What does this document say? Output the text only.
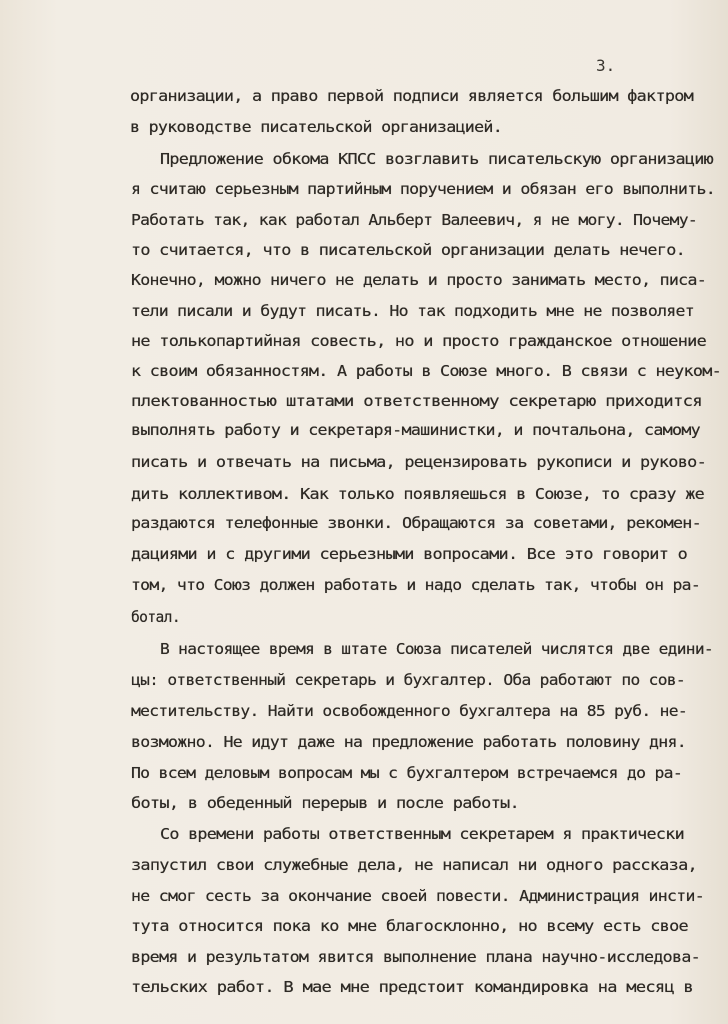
3.
организации, а право первой подписи является большим фактром
в руководстве писательской организацией.
Предложение обкома КПСС возглавить писательскую организацию
я считаю серьезным партийным поручением и обязан его выполнить.
Работать так, как работал Альберт Валеевич, я не могу. Почему-
то считается, что в писательской организации делать нечего.
Конечно, можно ничего не делать и просто занимать место, писа-
тели писали и будут писать. Но так подходить мне не позволяет
не толькопартийная совесть, но и просто гражданское отношение
к своим обязанностям. А работы в Союзе много. В связи с неуком-
плектованностью штатами ответственному секретарю приходится
выполнять работу и секретаря-машинистки, и почтальона, самому
писать и отвечать на письма, рецензировать рукописи и руково-
дить коллективом. Как только появляешься в Союзе, то сразу же
раздаются телефонные звонки. Обращаются за советами, рекомен-
дациями и с другими серьезными вопросами. Все это говорит о
том, что Союз должен работать и надо сделать так, чтобы он ра-
ботал.
В настоящее время в штате Союза писателей числятся две едини-
цы: ответственный секретарь и бухгалтер. Оба работают по сов-
местительству. Найти освобожденного бухгалтера на 85 руб. не-
возможно. Не идут даже на предложение работать половину дня.
По всем деловым вопросам мы с бухгалтером встречаемся до ра-
боты, в обеденный перерыв и после работы.
Со времени работы ответственным секретарем я практически
запустил свои служебные дела, не написал ни одного рассказа,
не смог сесть за окончание своей повести. Администрация инсти-
тута относится пока ко мне благосклонно, но всему есть свое
время и результатом явится выполнение плана научно-исследова-
тельских работ. В мае мне предстоит командировка на месяц в
